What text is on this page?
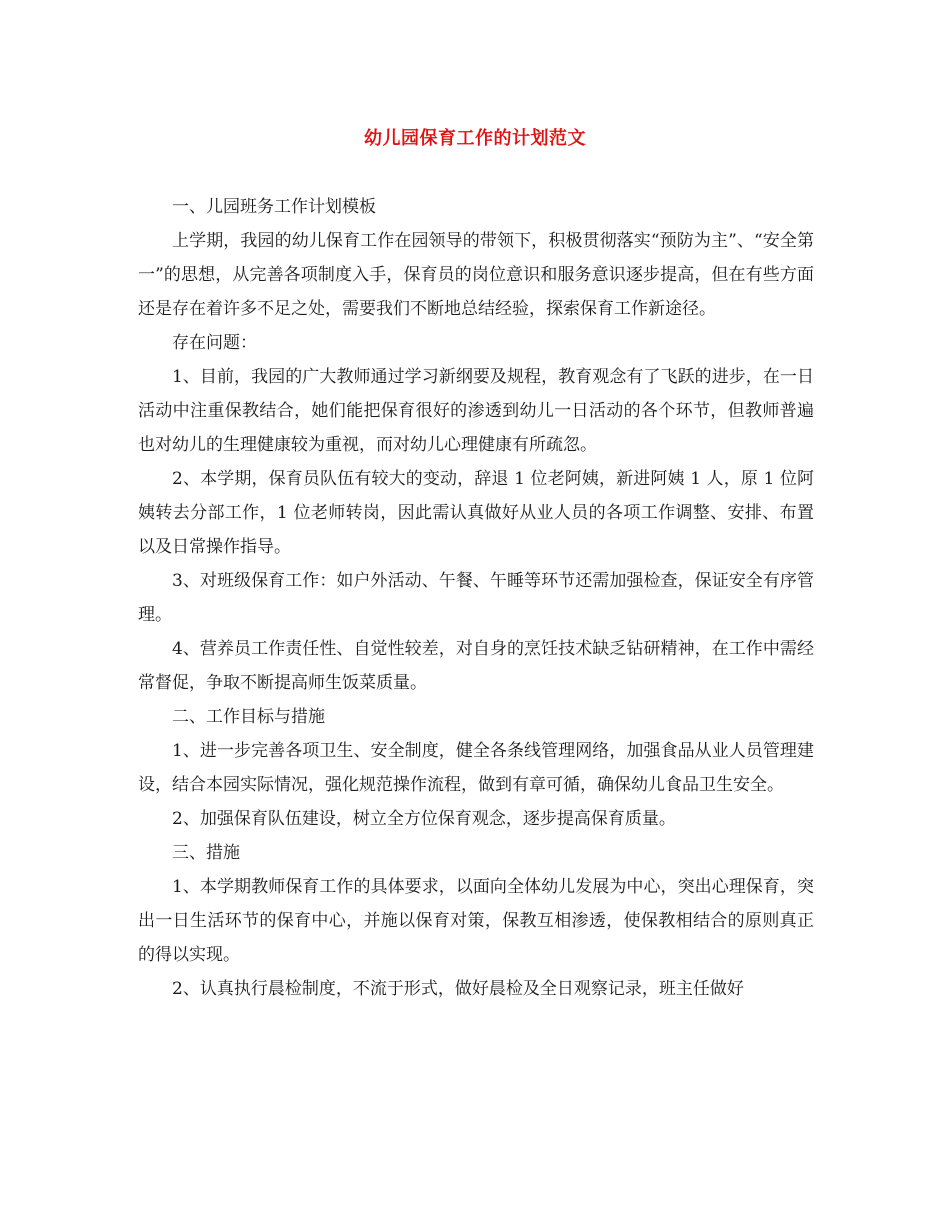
幼儿园保育工作的计划范文

一、儿园班务工作计划模板

上学期，我园的幼儿保育工作在园领导的带领下，积极贯彻落实“预防为主”、“安全第一”的思想，从完善各项制度入手，保育员的岗位意识和服务意识逐步提高，但在有些方面还是存在着许多不足之处，需要我们不断地总结经验，探索保育工作新途径。

存在问题：

1、目前，我园的广大教师通过学习新纲要及规程，教育观念有了飞跃的进步，在一日活动中注重保教结合，她们能把保育很好的渗透到幼儿一日活动的各个环节，但教师普遍也对幼儿的生理健康较为重视，而对幼儿心理健康有所疏忽。

2、本学期，保育员队伍有较大的变动，辞退 1 位老阿姨，新进阿姨 1 人，原 1 位阿姨转去分部工作，1 位老师转岗，因此需认真做好从业人员的各项工作调整、安排、布置以及日常操作指导。

3、对班级保育工作：如户外活动、午餐、午睡等环节还需加强检查，保证安全有序管理。

4、营养员工作责任性、自觉性较差，对自身的烹饪技术缺乏钻研精神，在工作中需经常督促，争取不断提高师生饭菜质量。

二、工作目标与措施

1、进一步完善各项卫生、安全制度，健全各条线管理网络，加强食品从业人员管理建设，结合本园实际情况，强化规范操作流程，做到有章可循，确保幼儿食品卫生安全。

2、加强保育队伍建设，树立全方位保育观念，逐步提高保育质量。

三、措施

1、本学期教师保育工作的具体要求，以面向全体幼儿发展为中心，突出心理保育，突出一日生活环节的保育中心，并施以保育对策，保教互相渗透，使保教相结合的原则真正的得以实现。

2、认真执行晨检制度，不流于形式，做好晨检及全日观察记录，班主任做好
